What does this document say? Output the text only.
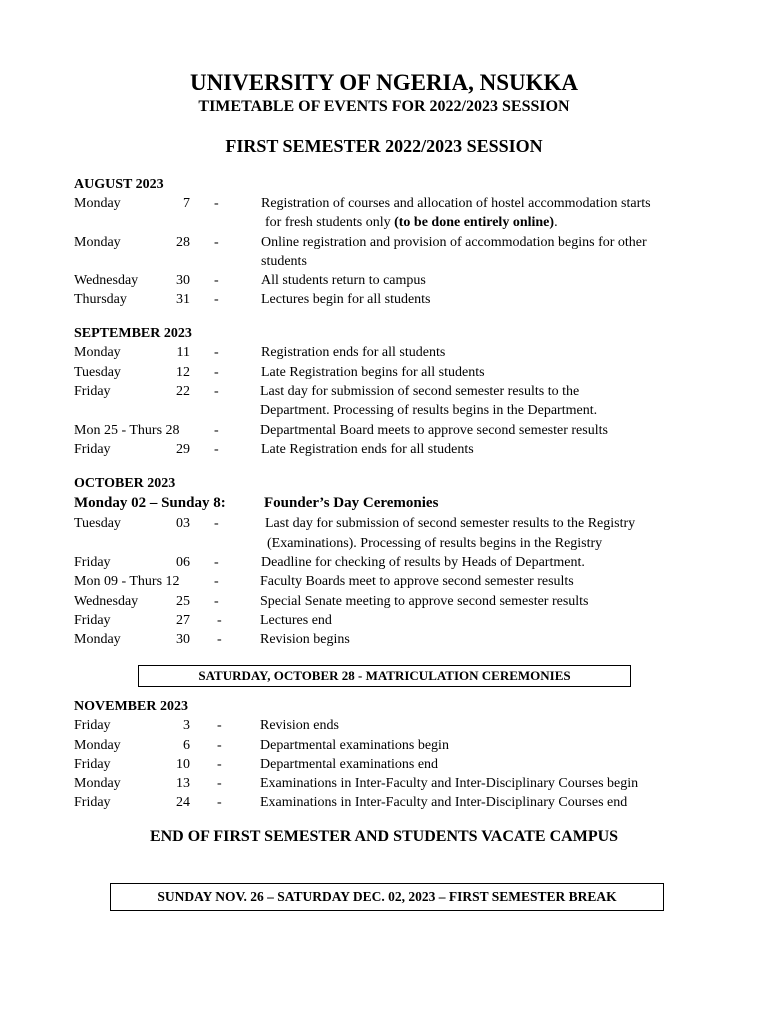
UNIVERSITY OF NGERIA, NSUKKA
TIMETABLE OF EVENTS FOR 2022/2023 SESSION
FIRST SEMESTER 2022/2023 SESSION
AUGUST 2023
Monday	7 -	Registration of courses and allocation of hostel accommodation starts
for fresh students only (to be done entirely online).
Monday	28 -	Online registration and provision of accommodation begins for other
students
Wednesday	30 -	All students return to campus
Thursday	31 -	Lectures begin for all students
SEPTEMBER 2023
Monday	11 -	Registration ends for all students
Tuesday	12 -	Late Registration begins for all students
Friday	22 -	Last day for submission of second semester results to the
Department. Processing of results begins in the Department.
Mon 25 - Thurs 28 -	Departmental Board meets to approve second semester results
Friday	29 -	Late Registration ends for all students
OCTOBER 2023
Monday 02 – Sunday 8:	Founder’s Day Ceremonies
Tuesday	03 -	Last day for submission of second semester results to the Registry
(Examinations). Processing of results begins in the Registry
Friday	06 -	Deadline for checking of results by Heads of Department.
Mon 09 - Thurs 12 -	Faculty Boards meet to approve second semester results
Wednesday	25 -	Special Senate meeting to approve second semester results
Friday	27 -	Lectures end
Monday	30 -	Revision begins
SATURDAY, OCTOBER 28 - MATRICULATION CEREMONIES
NOVEMBER 2023
Friday	3 -	Revision ends
Monday	6 -	Departmental examinations begin
Friday	10 -	Departmental examinations end
Monday	13 -	Examinations in Inter-Faculty and Inter-Disciplinary Courses begin
Friday	24 -	Examinations in Inter-Faculty and Inter-Disciplinary Courses end
END OF FIRST SEMESTER AND STUDENTS VACATE CAMPUS
SUNDAY NOV. 26 – SATURDAY DEC. 02, 2023 – FIRST SEMESTER BREAK
